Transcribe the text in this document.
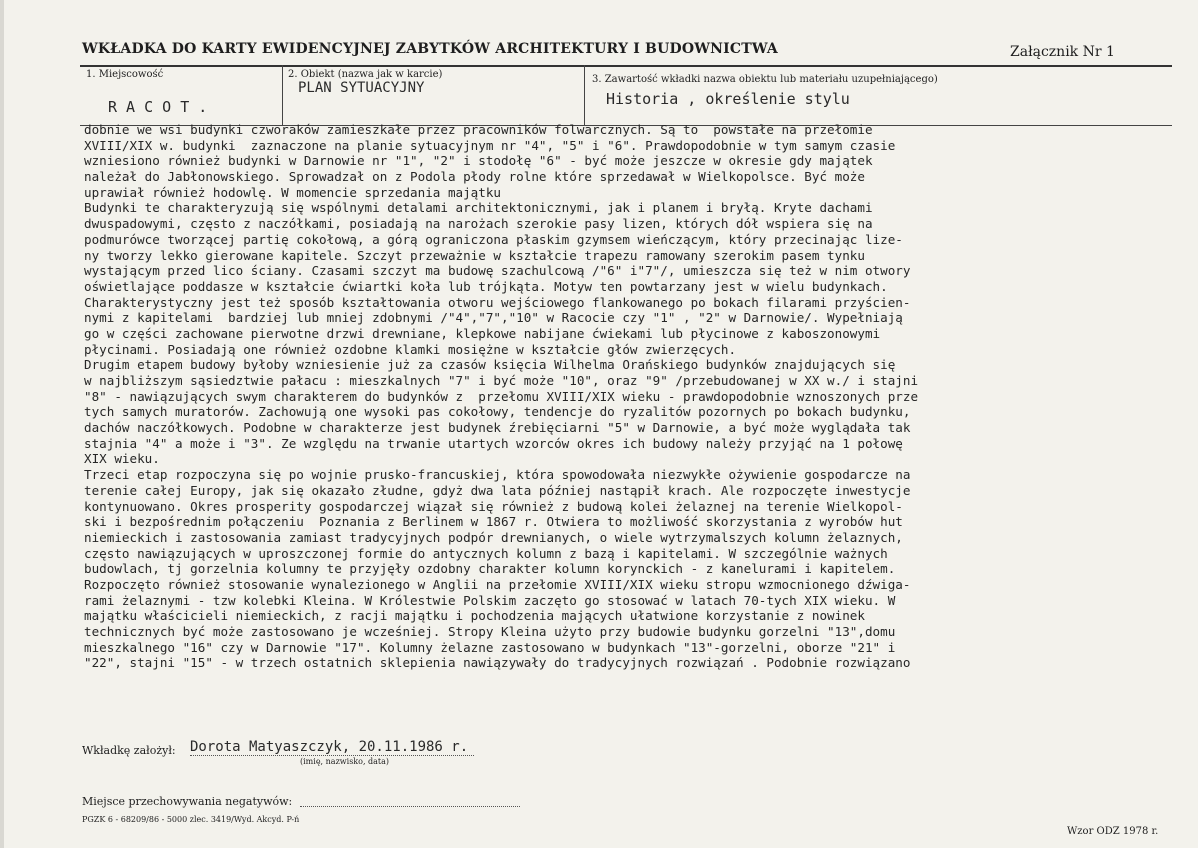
WKŁADKA DO KARTY EWIDENCYJNEJ ZABYTKÓW ARCHITEKTURY I BUDOWNICTWA	Załącznik Nr 1
1. Miejscowość
R A C O T .
2. Obiekt (nazwa jak w karcie)
PLAN SYTUACYJNY
3. Zawartość wkładki nazwa obiektu lub materiału uzupełniającego)
Historia , określenie stylu
dobnie we wsi budynki czworaków zamieszkałe przez pracowników folwarcznych. Są to  powstałe na przełomie
XVIII/XIX w. budynki  zaznaczone na planie sytuacyjnym nr "4", "5" i "6". Prawdopodobnie w tym samym czasie
wzniesiono również budynki w Darnowie nr "1", "2" i stodołę "6" - być może jeszcze w okresie gdy majątek
należał do Jabłonowskiego. Sprowadzał on z Podola płody rolne które sprzedawał w Wielkopolsce. Być może
uprawiał również hodowlę. W momencie sprzedania majątku
Budynki te charakteryzują się wspólnymi detalami architektonicznymi, jak i planem i bryłą. Kryte dachami
dwuspadowymi, często z naczółkami, posiadają na narożach szerokie pasy lizen, których dół wspiera się na
podmurówce tworzącej partię cokołową, a górą ograniczona płaskim gzymsem wieńczącym, który przecinając lize-
ny tworzy lekko gierowane kapitele. Szczyt przeważnie w kształcie trapezu ramowany szerokim pasem tynku
wystającym przed lico ściany. Czasami szczyt ma budowę szachulcową /"6" i"7"/, umieszcza się też w nim otwory
oświetlające poddasze w kształcie ćwiartki koła lub trójkąta. Motyw ten powtarzany jest w wielu budynkach.
Charakterystyczny jest też sposób kształtowania otworu wejściowego flankowanego po bokach filarami przyścien-
nymi z kapitelami  bardziej lub mniej zdobnymi /"4","7","10" w Racocie czy "1" , "2" w Darnowie/. Wypełniają
go w części zachowane pierwotne drzwi drewniane, klepkowe nabijane ćwiekami lub płycinowe z kaboszonowymi
płycinami. Posiadają one również ozdobne klamki mosiężne w kształcie głów zwierzęcych.
Drugim etapem budowy byłoby wzniesienie już za czasów księcia Wilhelma Orańskiego budynków znajdujących się
w najbliższym sąsiedztwie pałacu : mieszkalnych "7" i być może "10", oraz "9" /przebudowanej w XX w./ i stajni
"8" - nawiązujących swym charakterem do budynków z  przełomu XVIII/XIX wieku - prawdopodobnie wznoszonych prze
tych samych muratorów. Zachowują one wysoki pas cokołowy, tendencje do ryzalitów pozornych po bokach budynku,
dachów naczółkowych. Podobne w charakterze jest budynek źrebięciarni "5" w Darnowie, a być może wyglądała tak
stajnia "4" a może i "3". Ze względu na trwanie utartych wzorców okres ich budowy należy przyjąć na 1 połowę
XIX wieku.
Trzeci etap rozpoczyna się po wojnie prusko-francuskiej, która spowodowała niezwykłe ożywienie gospodarcze na
terenie całej Europy, jak się okazało złudne, gdyż dwa lata później nastąpił krach. Ale rozpoczęte inwestycje
kontynuowano. Okres prosperity gospodarczej wiązał się również z budową kolei żelaznej na terenie Wielkopol-
ski i bezpośrednim połączeniu  Poznania z Berlinem w 1867 r. Otwiera to możliwość skorzystania z wyrobów hut
niemieckich i zastosowania zamiast tradycyjnych podpór drewnianych, o wiele wytrzymalszych kolumn żelaznych,
często nawiązujących w uproszczonej formie do antycznych kolumn z bazą i kapitelami. W szczególnie ważnych
budowlach, tj gorzelnia kolumny te przyjęły ozdobny charakter kolumn korynckich - z kanelurami i kapitelem.
Rozpoczęto również stosowanie wynalezionego w Anglii na przełomie XVIII/XIX wieku stropu wzmocnionego dźwiga-
rami żelaznymi - tzw kolebki Kleina. W Królestwie Polskim zaczęto go stosować w latach 70-tych XIX wieku. W
majątku właścicieli niemieckich, z racji majątku i pochodzenia mających ułatwione korzystanie z nowinek
technicznych być może zastosowano je wcześniej. Stropy Kleina użyto przy budowie budynku gorzelni "13",domu
mieszkalnego "16" czy w Darnowie "17". Kolumny żelazne zastosowano w budynkach "13"-gorzelni, oborze "21" i
"22", stajni "15" - w trzech ostatnich sklepienia nawiązywały do tradycyjnych rozwiązań . Podobnie rozwiązano
Wkładkę założył: Dorota Matyaszczyk, 20.11.1986 r.
(imię, nazwisko, data)
Miejsce przechowywania negatywów:
PGZK 6 - 68209/86 - 5000 zlec. 3419/Wyd. Akcyd. P-ń
Wzor ODZ 1978 r.
